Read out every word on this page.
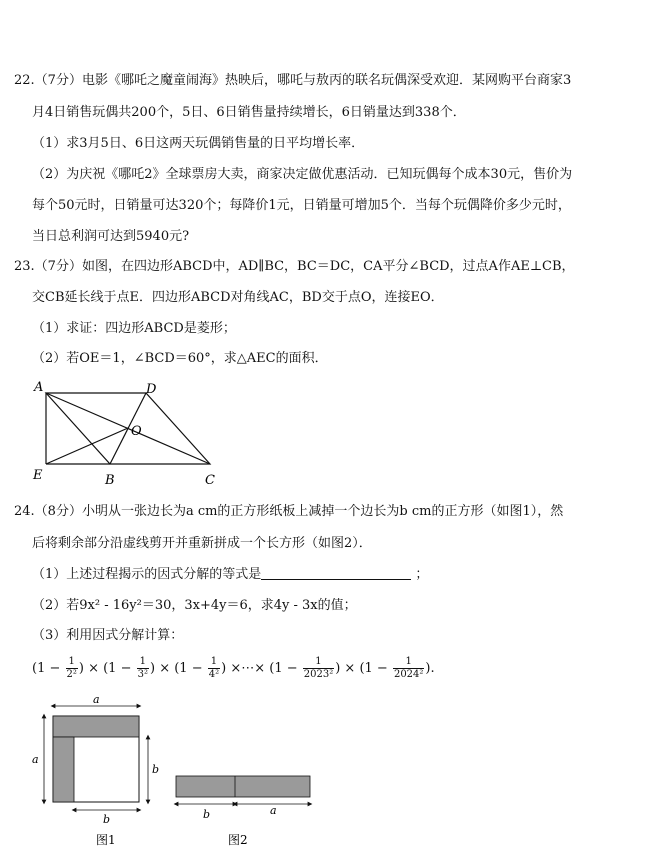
22.（7分）电影《哪吒之魔童闹海》热映后，哪吒与敖丙的联名玩偶深受欢迎．某网购平台商家3
月4日销售玩偶共200个，5日、6日销售量持续增长，6日销量达到338个．
（1）求3月5日、6日这两天玩偶销售量的日平均增长率．
（2）为庆祝《哪吒2》全球票房大卖，商家决定做优惠活动．已知玩偶每个成本30元，售价为
每个50元时，日销量可达320个；每降价1元，日销量可增加5个．当每个玩偶降价多少元时，
当日总利润可达到5940元?
23.（7分）如图，在四边形ABCD中，AD∥BC，BC＝DC，CA平分∠BCD，过点A作AE⊥CB，
交CB延长线于点E．四边形ABCD对角线AC，BD交于点O，连接EO．
（1）求证：四边形ABCD是菱形；
（2）若OE＝1，∠BCD＝60°，求△AEC的面积．
A	D
O
E	B	C
24.（8分）小明从一张边长为a cm的正方形纸板上减掉一个边长为b cm的正方形（如图1），然
后将剩余部分沿虚线剪开并重新拼成一个长方形（如图2）．
（1）上述过程揭示的因式分解的等式是	；
（2）若9x² - 16y²＝30，3x+4y＝6，求4y - 3x的值；
（3）利用因式分解计算：
($1 - \frac{1}{\text{2²}}$ ) × ($1 - \frac{1}{\text{3²}}$ ) × ($1 - \frac{1}{\text{4²}}$ ) ×⋯× ($1 - \frac{1}{\text{2023²}}$ ) × ($1 - \frac{1}{\text{2024²}}$ ).
a
a
b
b
图1
b	a
图2
